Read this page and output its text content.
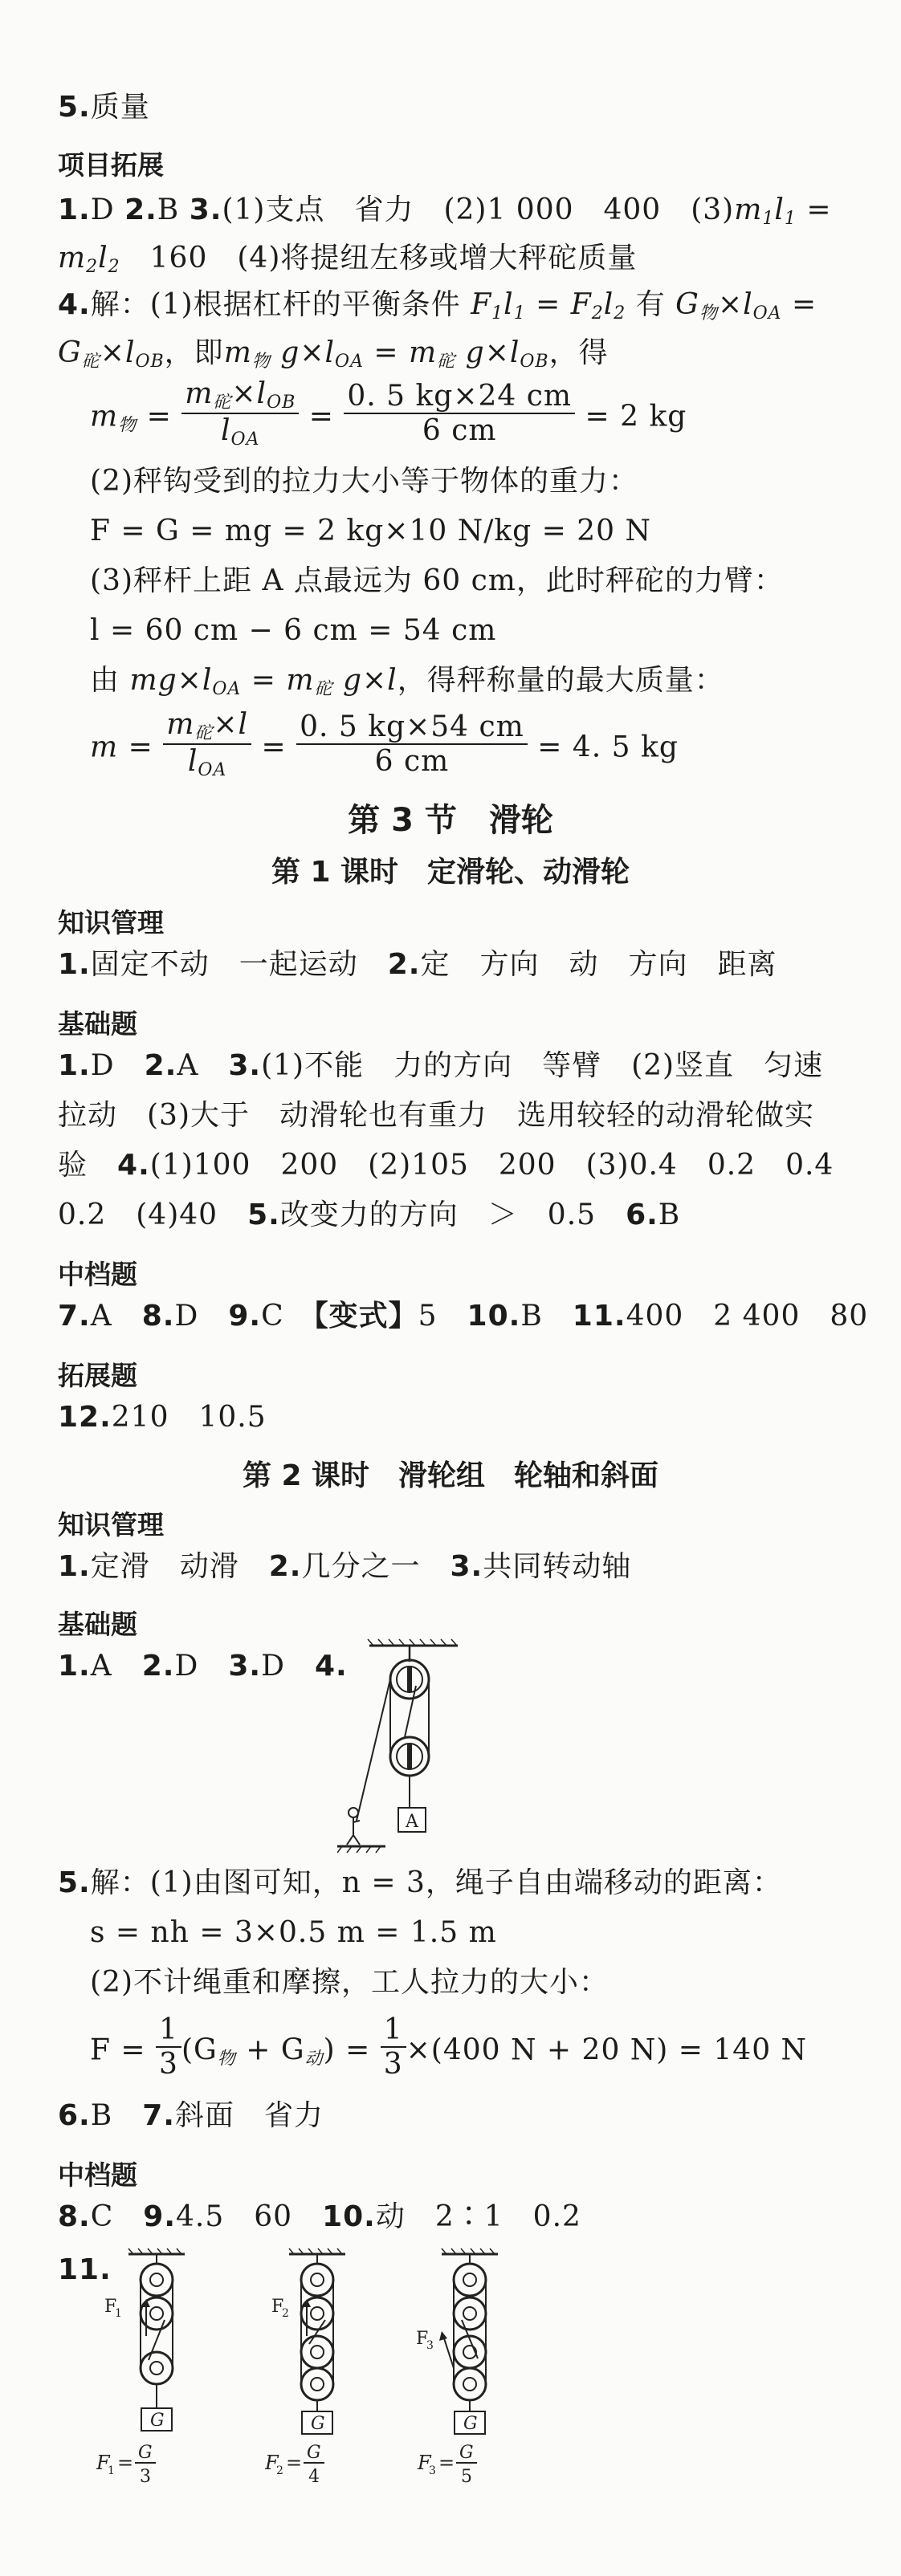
5.质量
项目拓展
1.D 2.B 3.(1)支点　省力　(2)1 000　400　(3)m1l1 =
m2l2　160　(4)将提纽左移或增大秤砣质量
4.解：(1)根据杠杆的平衡条件 F1l1 = F2l2 有 G物×lOA =
G砣×lOB，即m物 g×lOA = m砣 g×lOB，得
m物 = $\frac{\text{m砣×lOB}}{\text{lOA}} = \frac{0. 5 kg\times 24 cm}{6 cm} = 2$ kg
(2)秤钩受到的拉力大小等于物体的重力：
F = G = mg = 2 kg×10 N/kg = 20 N
(3)秤杆上距 A 点最远为 60 cm，此时秤砣的力臂：
l = 60 cm − 6 cm = 54 cm
由 mg×lOA = m砣 g×l，得秤称量的最大质量：
$m = \frac{\text{m砣×l}}{\text{lOA}} = \frac{0. 5 kg\times 54 cm}{6 cm} = 4$. 5 kg
第 3 节　滑轮
第 1 课时　定滑轮、动滑轮
知识管理
1.固定不动　一起运动　2.定　方向　动　方向　距离
基础题
1.D　2.A　3.(1)不能　力的方向　等臂　(2)竖直　匀速
拉动　(3)大于　动滑轮也有重力　选用较轻的动滑轮做实
验　4.(1)100　200　(2)105　200　(3)0.4　0.2　0.4
0.2　(4)40　5.改变力的方向　＞　0.5　6.B
中档题
7.A　8.D　9.C　【变式】5　10.B　11.400　2 400　80
拓展题
12.210　10.5
第 2 课时　滑轮组　轮轴和斜面
知识管理
1.定滑　动滑　2.几分之一　3.共同转动轴
基础题
1.A　2.D　3.D　4.
A
5.解：(1)由图可知，n = 3，绳子自由端移动的距离：
s = nh = 3×0.5 m = 1.5 m
(2)不计绳重和摩擦，工人拉力的大小：
$F = \frac{1}{3} (G$物 + G动) = $\frac{1}{3} \times(400$ N + 20 N) = 140 N
6.B　7.斜面　省力
中档题
8.C　9.4.5　60　10.动　2∶1　0.2
11.
F
1
G
F
1 = G
3
F
2
G
F
2 = G
4
F
3
G
F
3 = G
5
